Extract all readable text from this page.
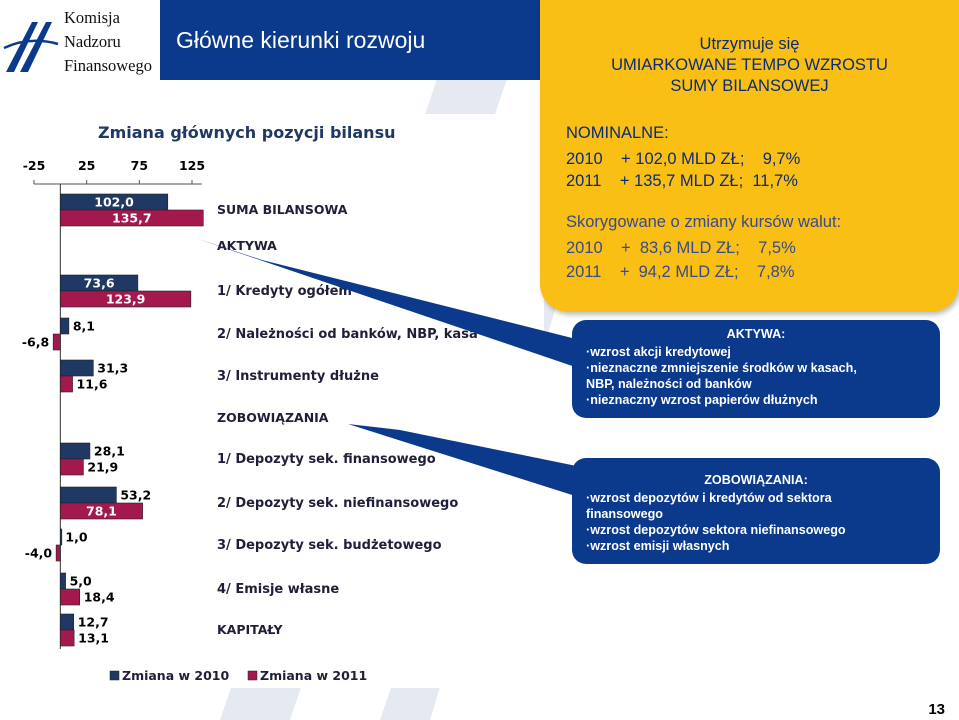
Komisja
Nadzoru
Finansowego
Główne kierunki rozwoju
Zmiana głównych pozycji bilansu
-25	25	75 125
SUMA BILANSOWA
102,0
135,7
AKTYWA
1/ Kredyty ogółem
73,6
123,9
2/ Należności od banków, NBP, kasa
8,1
-6,8
3/ Instrumenty dłużne
31,3
11,6
ZOBOWIĄZANIA
1/ Depozyty sek. finansowego
28,1
21,9
2/ Depozyty sek. niefinansowego
53,2
78,1
3/ Depozyty sek. budżetowego
1,0
-4,0
4/ Emisje własne
5,0
18,4
KAPITAŁY
12,7
13,1
Zmiana w 2010 Zmiana w 2011
Utrzymuje się
UMIARKOWANE TEMPO WZROSTU
SUMY BILANSOWEJ
NOMINALNE:
2010    + 102,0 MLD ZŁ;    9,7%
2011    + 135,7 MLD ZŁ;  11,7%
Skorygowane o zmiany kursów walut:
2010    +  83,6 MLD ZŁ;    7,5%
2011    +  94,2 MLD ZŁ;    7,8%
AKTYWA:
·wzrost akcji kredytowej
·nieznaczne zmniejszenie środków w kasach,
NBP, należności od banków
·nieznaczny wzrost papierów dłużnych
ZOBOWIĄZANIA:
·wzrost depozytów i kredytów od sektora
finansowego
·wzrost depozytów sektora niefinansowego
·wzrost emisji własnych
13
